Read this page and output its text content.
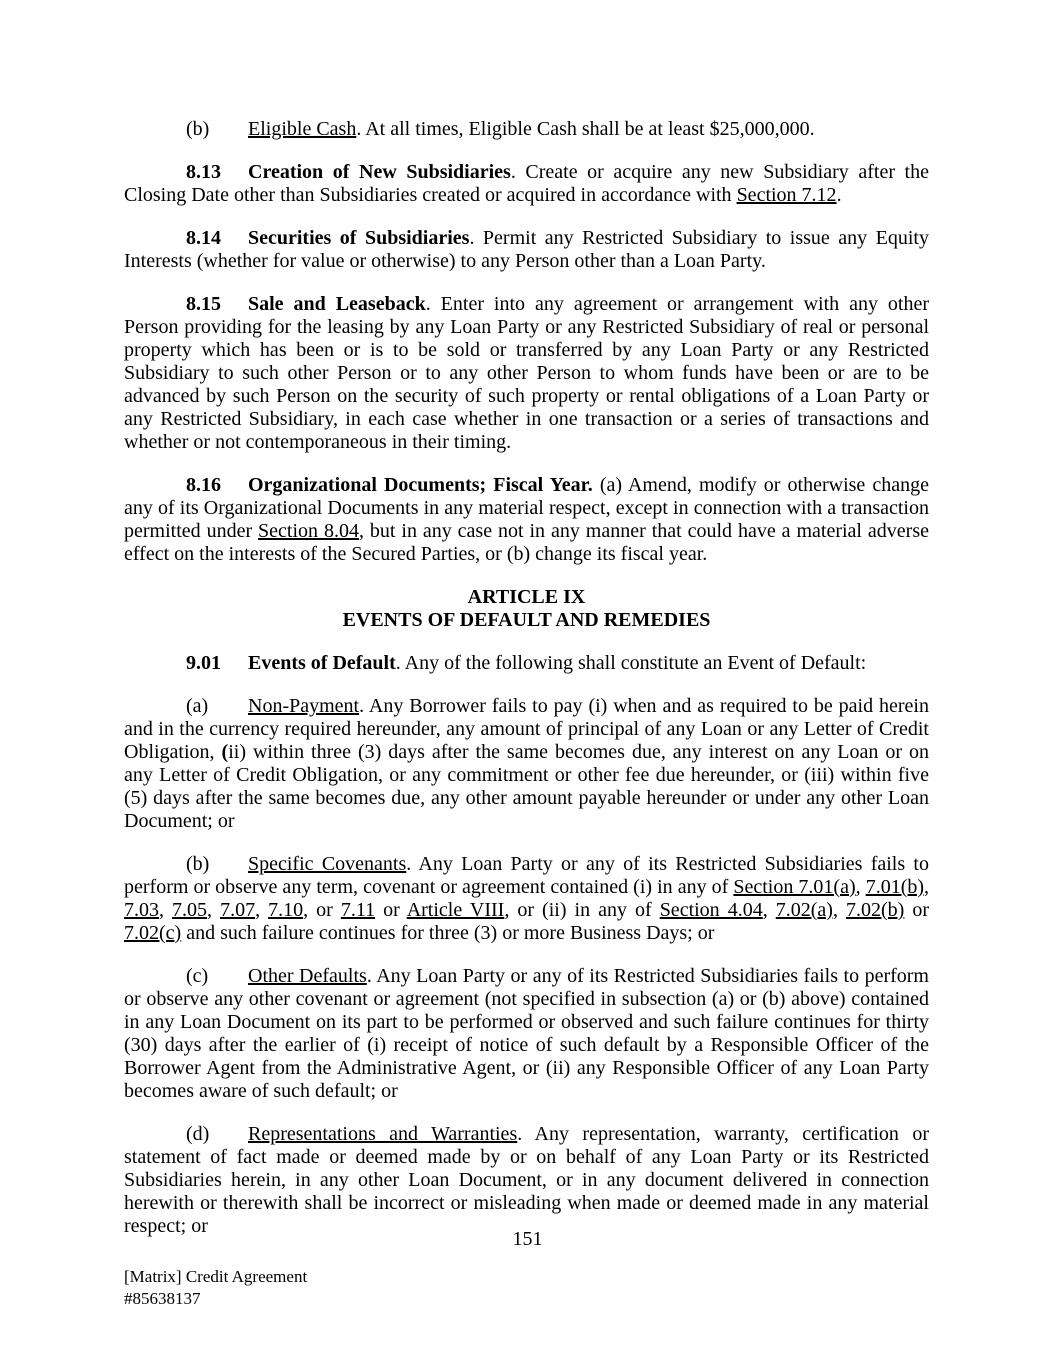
(b) Eligible Cash. At all times, Eligible Cash shall be at least $25,000,000.

8.13 Creation of New Subsidiaries. Create or acquire any new Subsidiary after the Closing Date other than Subsidiaries created or acquired in accordance with Section 7.12.

8.14 Securities of Subsidiaries. Permit any Restricted Subsidiary to issue any Equity Interests (whether for value or otherwise) to any Person other than a Loan Party.

8.15 Sale and Leaseback. Enter into any agreement or arrangement with any other Person providing for the leasing by any Loan Party or any Restricted Subsidiary of real or personal property which has been or is to be sold or transferred by any Loan Party or any Restricted Subsidiary to such other Person or to any other Person to whom funds have been or are to be advanced by such Person on the security of such property or rental obligations of a Loan Party or any Restricted Subsidiary, in each case whether in one transaction or a series of transactions and whether or not contemporaneous in their timing.

8.16 Organizational Documents; Fiscal Year. (a) Amend, modify or otherwise change any of its Organizational Documents in any material respect, except in connection with a transaction permitted under Section 8.04, but in any case not in any manner that could have a material adverse effect on the interests of the Secured Parties, or (b) change its fiscal year.

ARTICLE IX

EVENTS OF DEFAULT AND REMEDIES

9.01 Events of Default. Any of the following shall constitute an Event of Default:

(a) Non-Payment. Any Borrower fails to pay (i) when and as required to be paid herein and in the currency required hereunder, any amount of principal of any Loan or any Letter of Credit Obligation, (ii) within three (3) days after the same becomes due, any interest on any Loan or on any Letter of Credit Obligation, or any commitment or other fee due hereunder, or (iii) within five (5) days after the same becomes due, any other amount payable hereunder or under any other Loan Document; or

(b) Specific Covenants. Any Loan Party or any of its Restricted Subsidiaries fails to perform or observe any term, covenant or agreement contained (i) in any of Section 7.01(a), 7.01(b), 7.03, 7.05, 7.07, 7.10, or 7.11 or Article VIII, or (ii) in any of Section 4.04, 7.02(a), 7.02(b) or 7.02(c) and such failure continues for three (3) or more Business Days; or

(c) Other Defaults. Any Loan Party or any of its Restricted Subsidiaries fails to perform or observe any other covenant or agreement (not specified in subsection (a) or (b) above) contained in any Loan Document on its part to be performed or observed and such failure continues for thirty (30) days after the earlier of (i) receipt of notice of such default by a Responsible Officer of the Borrower Agent from the Administrative Agent, or (ii) any Responsible Officer of any Loan Party becomes aware of such default; or

(d) Representations and Warranties. Any representation, warranty, certification or statement of fact made or deemed made by or on behalf of any Loan Party or its Restricted Subsidiaries herein, in any other Loan Document, or in any document delivered in connection herewith or therewith shall be incorrect or misleading when made or deemed made in any material respect; or

151
[Matrix] Credit Agreement
#85638137
